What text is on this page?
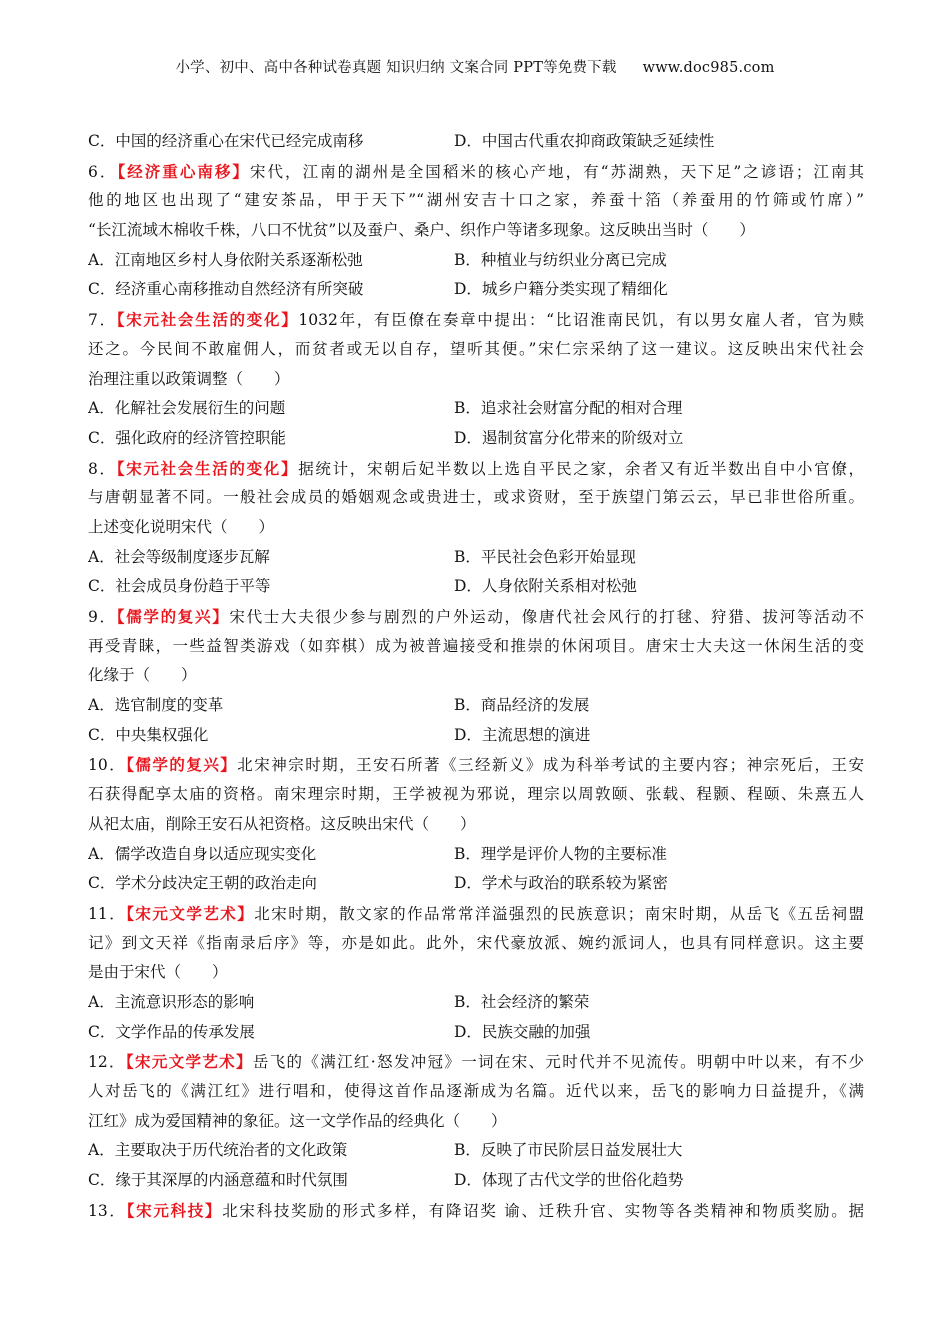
小学、初中、高中各种试卷真题 知识归纳 文案合同 PPT等免费下载 www.doc985.com
C．中国的经济重心在宋代已经完成南移	D．中国古代重农抑商政策缺乏延续性
6．【经济重心南移】宋代，江南的湖州是全国稻米的核心产地，有“苏湖熟，天下足”之谚语；江南其
他的地区也出现了“建安茶品，甲于天下”“湖州安吉十口之家，养蚕十箔（养蚕用的竹筛或竹席）”
“长江流域木棉收千株，八口不忧贫”以及蚕户、桑户、织作户等诸多现象。这反映出当时（　　）
A．江南地区乡村人身依附关系逐渐松弛	B．种植业与纺织业分离已完成
C．经济重心南移推动自然经济有所突破	D．城乡户籍分类实现了精细化
7．【宋元社会生活的变化】1032年，有臣僚在奏章中提出：“比诏淮南民饥，有以男女雇人者，官为赎
还之。今民间不敢雇佣人，而贫者或无以自存，望听其便。”宋仁宗采纳了这一建议。这反映出宋代社会
治理注重以政策调整（　　）
A．化解社会发展衍生的问题	B．追求社会财富分配的相对合理
C．强化政府的经济管控职能	D．遏制贫富分化带来的阶级对立
8．【宋元社会生活的变化】据统计，宋朝后妃半数以上选自平民之家，余者又有近半数出自中小官僚，
与唐朝显著不同。一般社会成员的婚姻观念或贵进士，或求资财，至于族望门第云云，早已非世俗所重。
上述变化说明宋代（　　）
A．社会等级制度逐步瓦解	B．平民社会色彩开始显现
C．社会成员身份趋于平等	D．人身依附关系相对松弛
9．【儒学的复兴】宋代士大夫很少参与剧烈的户外运动，像唐代社会风行的打毬、狩猎、拔河等活动不
再受青睐，一些益智类游戏（如弈棋）成为被普遍接受和推崇的休闲项目。唐宋士大夫这一休闲生活的变
化缘于（　　）
A．选官制度的变革	B．商品经济的发展
C．中央集权强化	D．主流思想的演进
10．【儒学的复兴】北宋神宗时期，王安石所著《三经新义》成为科举考试的主要内容；神宗死后，王安
石获得配享太庙的资格。南宋理宗时期，王学被视为邪说，理宗以周敦颐、张载、程颢、程颐、朱熹五人
从祀太庙，削除王安石从祀资格。这反映出宋代（　　）
A．儒学改造自身以适应现实变化	B．理学是评价人物的主要标准
C．学术分歧决定王朝的政治走向	D．学术与政治的联系较为紧密
11．【宋元文学艺术】北宋时期，散文家的作品常常洋溢强烈的民族意识；南宋时期，从岳飞《五岳祠盟
记》到文天祥《指南录后序》等，亦是如此。此外，宋代豪放派、婉约派词人，也具有同样意识。这主要
是由于宋代（　　）
A．主流意识形态的影响	B．社会经济的繁荣
C．文学作品的传承发展	D．民族交融的加强
12．【宋元文学艺术】岳飞的《满江红·怒发冲冠》一词在宋、元时代并不见流传。明朝中叶以来，有不少
人对岳飞的《满江红》进行唱和，使得这首作品逐渐成为名篇。近代以来，岳飞的影响力日益提升，《满
江红》成为爱国精神的象征。这一文学作品的经典化（　　）
A．主要取决于历代统治者的文化政策	B．反映了市民阶层日益发展壮大
C．缘于其深厚的内涵意蕴和时代氛围	D．体现了古代文学的世俗化趋势
13．【宋元科技】北宋科技奖励的形式多样，有降诏奖 谕、迁秩升官、实物等各类精神和物质奖励。据
